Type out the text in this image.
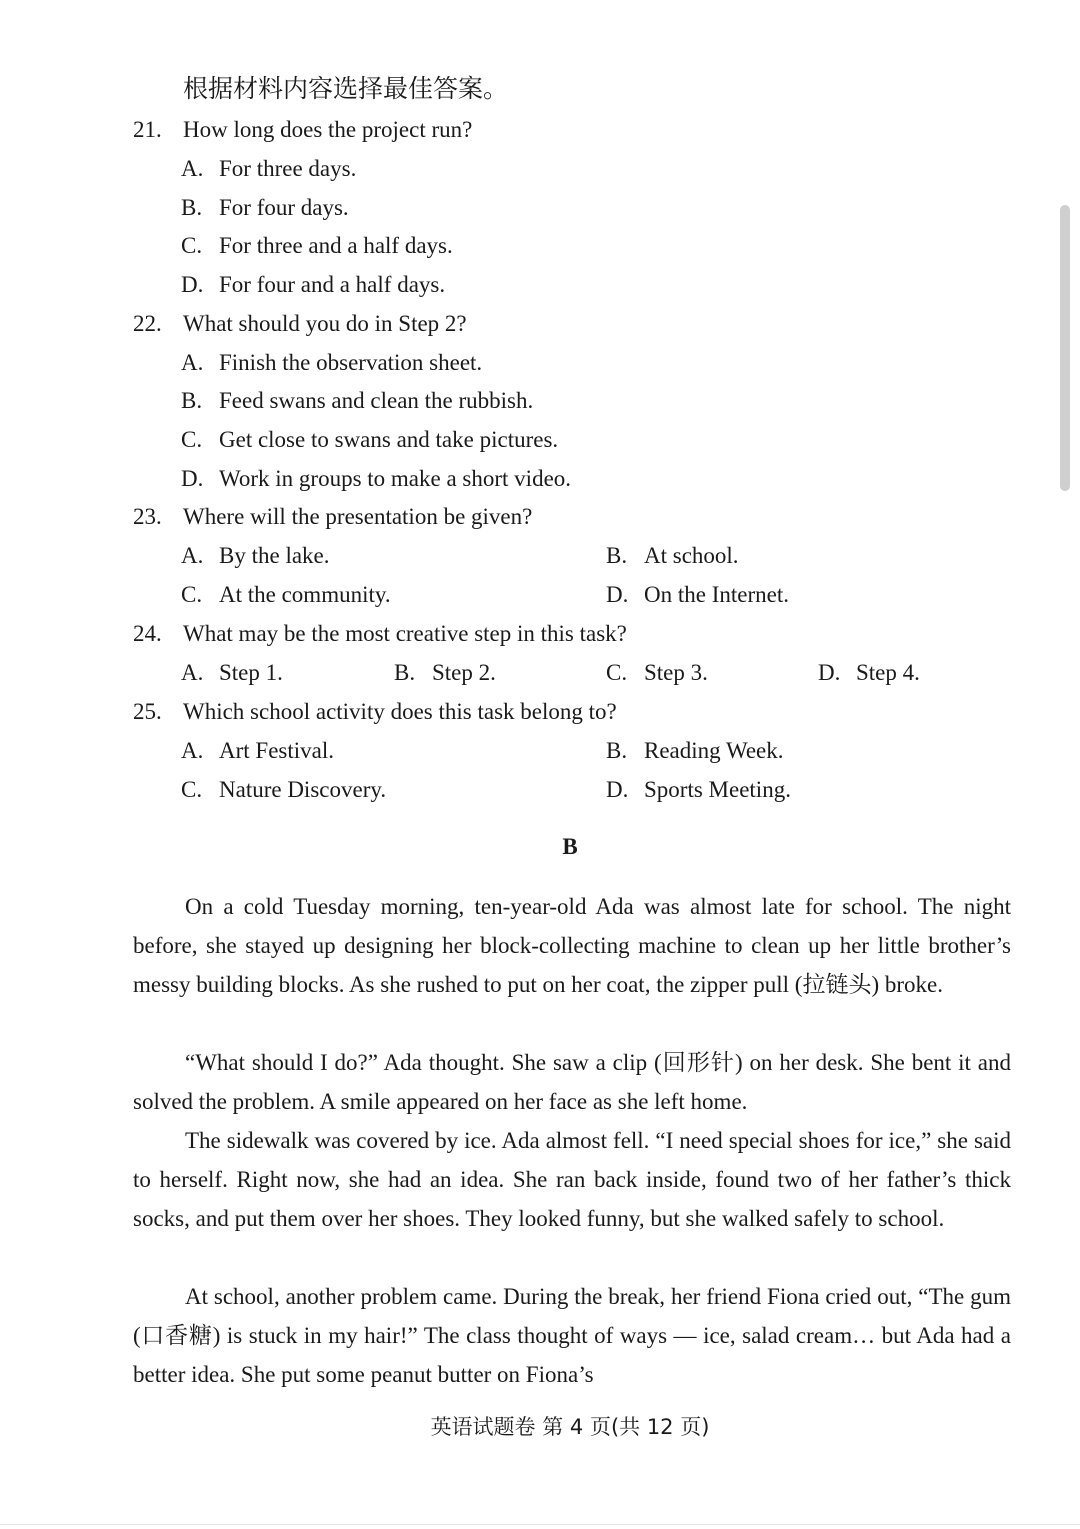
根据材料内容选择最佳答案。
21. How long does the project run?
A. For three days.
B. For four days.
C. For three and a half days.
D. For four and a half days.
22. What should you do in Step 2?
A. Finish the observation sheet.
B. Feed swans and clean the rubbish.
C. Get close to swans and take pictures.
D. Work in groups to make a short video.
23. Where will the presentation be given?
A. By the lake.	B. At school.
C. At the community.	D. On the Internet.
24. What may be the most creative step in this task?
A. Step 1.	B. Step 2.	C. Step 3.	D. Step 4.
25. Which school activity does this task belong to?
A. Art Festival.	B. Reading Week.
C. Nature Discovery.	D. Sports Meeting.
B
On a cold Tuesday morning, ten-year-old Ada was almost late for school. The night before, she stayed up designing her block-collecting machine to clean up her little brother’s messy building blocks. As she rushed to put on her coat, the zipper pull (拉链头) broke.
“What should I do?” Ada thought. She saw a clip (回形针) on her desk. She bent it and solved the problem. A smile appeared on her face as she left home.
The sidewalk was covered by ice. Ada almost fell. “I need special shoes for ice,” she said to herself. Right now, she had an idea. She ran back inside, found two of her father’s thick socks, and put them over her shoes. They looked funny, but she walked safely to school.
At school, another problem came. During the break, her friend Fiona cried out, “The gum (口香糖) is stuck in my hair!” The class thought of ways — ice, salad cream… but Ada had a better idea. She put some peanut butter on Fiona’s
英语试题卷 第 4 页(共 12 页)
